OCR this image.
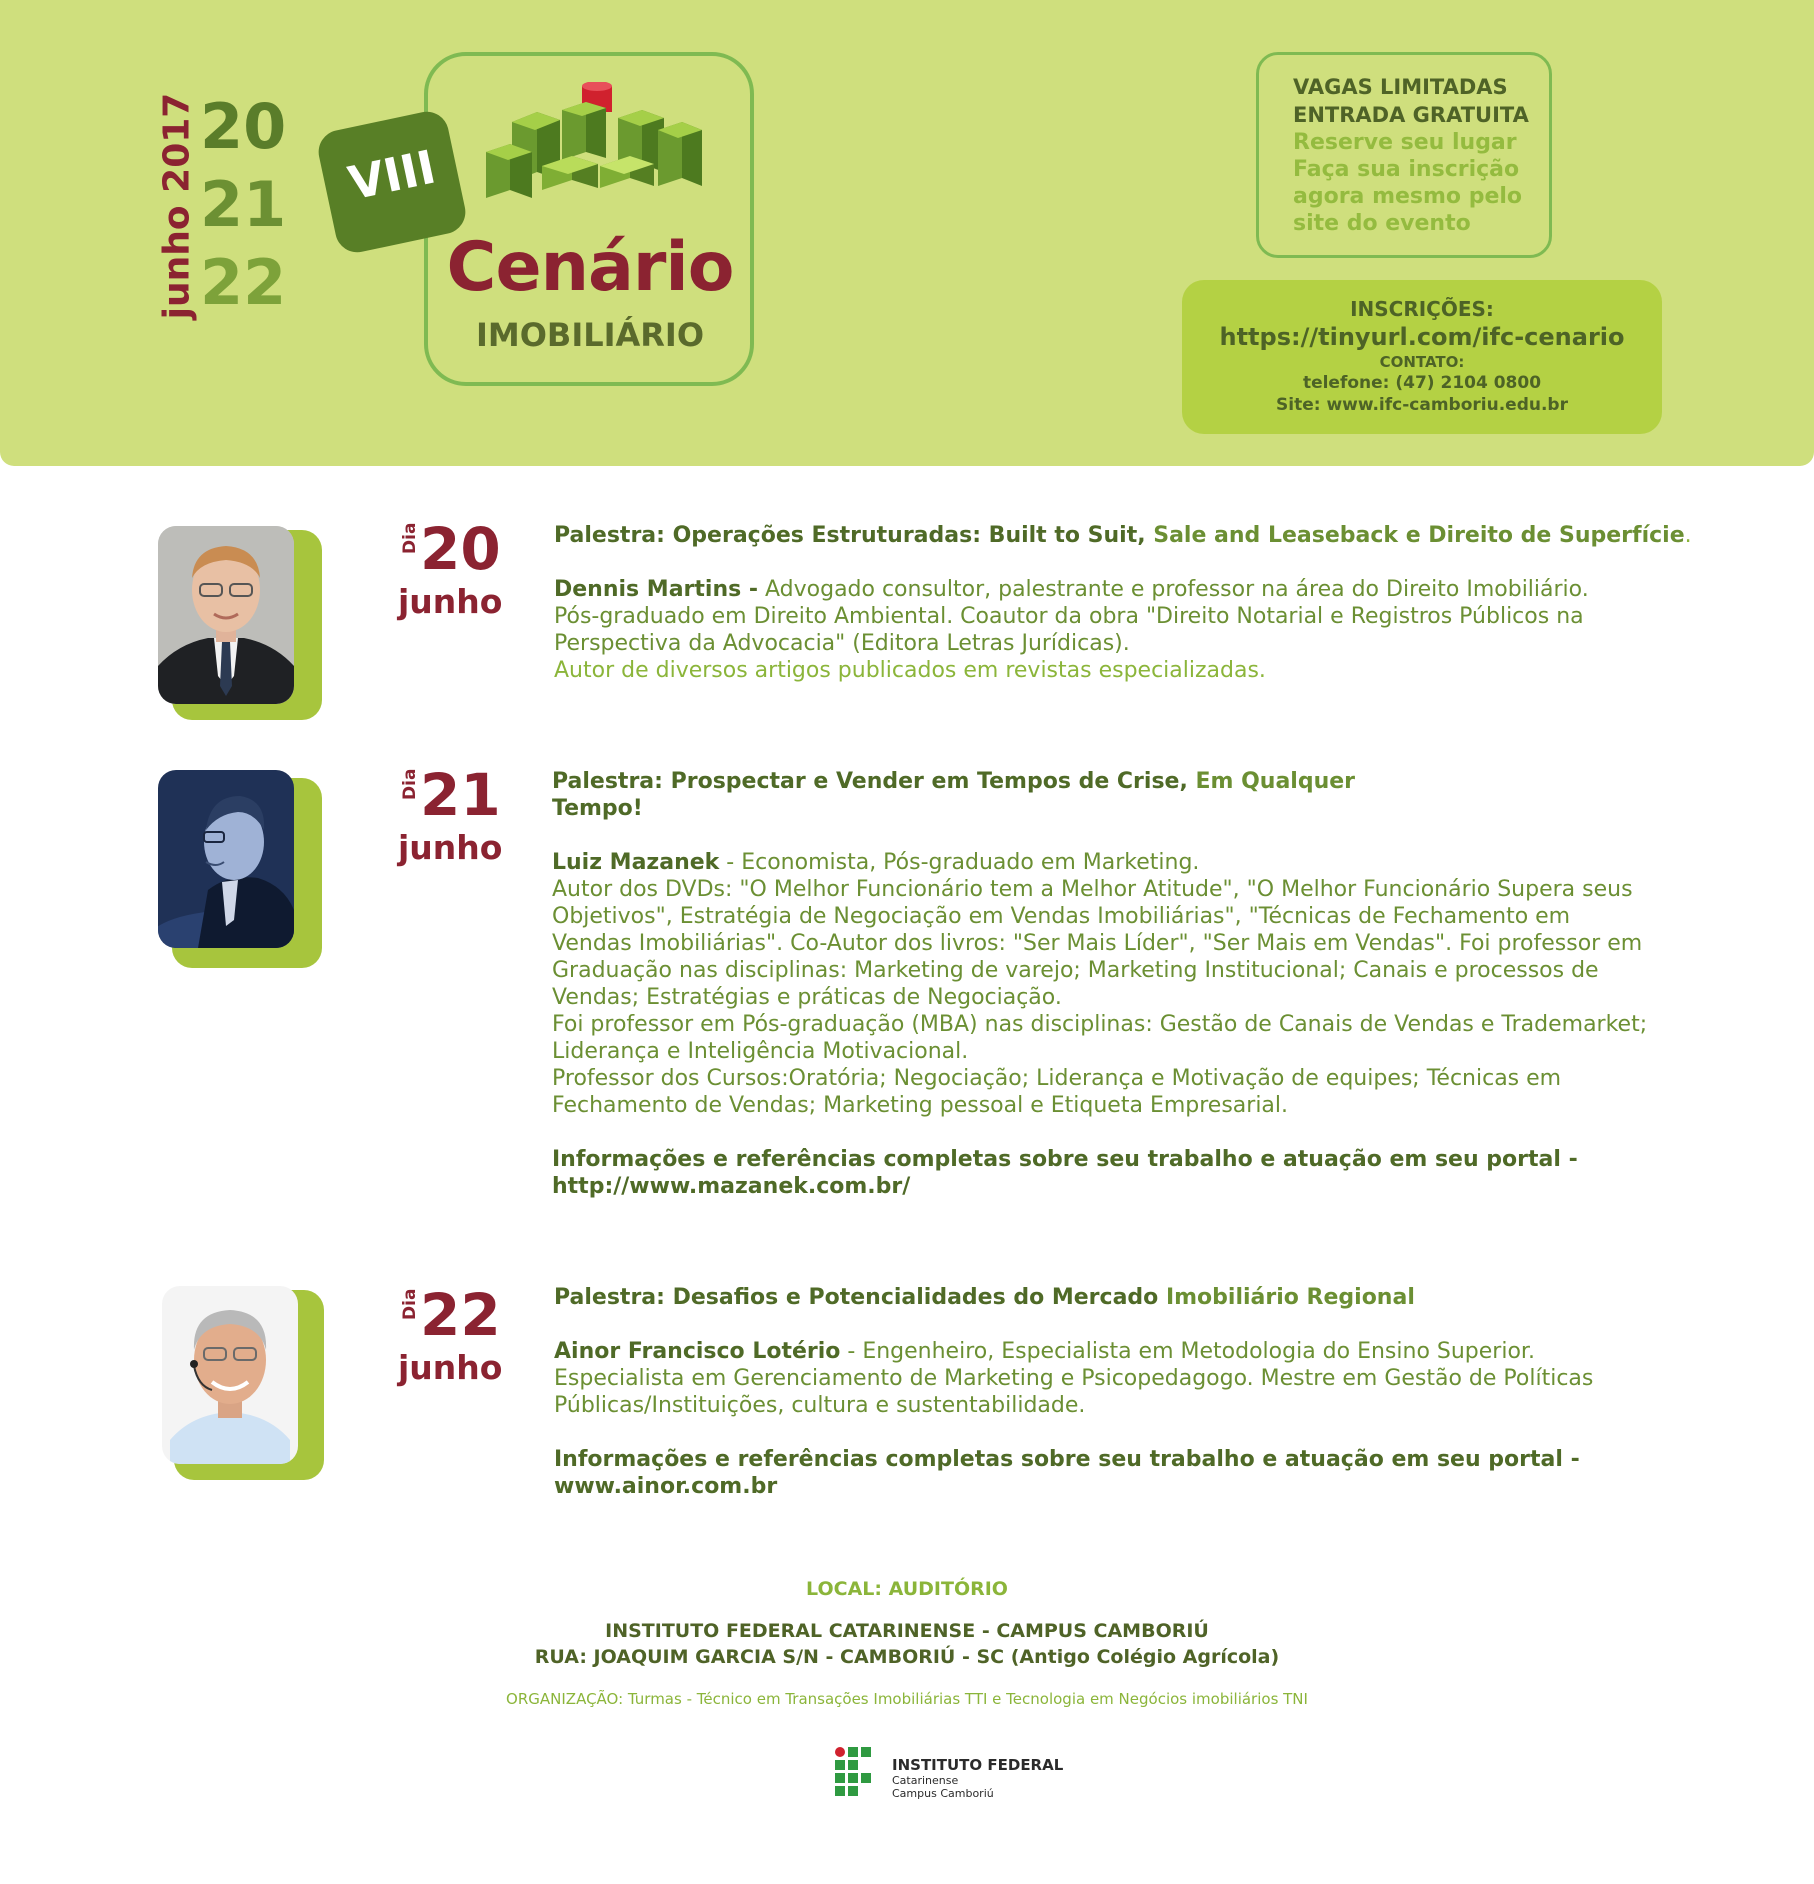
junho 2017 20
21
22
VIII
Cenário
IMOBILIÁRIO
VAGAS LIMITADAS
ENTRADA GRATUITA
Reserve seu lugar
Faça sua inscrição
agora mesmo pelo
site do evento
INSCRIÇÕES:
https://tinyurl.com/ifc-cenario
CONTATO:
telefone: (47) 2104 0800
Site: www.ifc-camboriu.edu.br
Dia 20
junho

Palestra: Operações Estruturadas: Built to Suit, Sale and Leaseback e Direito de Superfície.

Dennis Martins - Advogado consultor, palestrante e professor na área do Direito Imobiliário.

Pós-graduado em Direito Ambiental. Coautor da obra "Direito Notarial e Registros Públicos na

Perspectiva da Advocacia" (Editora Letras Jurídicas).

Autor de diversos artigos publicados em revistas especializadas.

Dia 21
junho

Palestra: Prospectar e Vender em Tempos de Crise, Em Qualquer

Tempo!

Luiz Mazanek - Economista, Pós-graduado em Marketing.

Autor dos DVDs: "O Melhor Funcionário tem a Melhor Atitude", "O Melhor Funcionário Supera seus

Objetivos", Estratégia de Negociação em Vendas Imobiliárias", "Técnicas de Fechamento em

Vendas Imobiliárias". Co-Autor dos livros: "Ser Mais Líder", "Ser Mais em Vendas". Foi professor em

Graduação nas disciplinas: Marketing de varejo; Marketing Institucional; Canais e processos de

Vendas; Estratégias e práticas de Negociação.

Foi professor em Pós-graduação (MBA) nas disciplinas: Gestão de Canais de Vendas e Trademarket;

Liderança e Inteligência Motivacional.

Professor dos Cursos:Oratória; Negociação; Liderança e Motivação de equipes; Técnicas em

Fechamento de Vendas; Marketing pessoal e Etiqueta Empresarial.

Informações e referências completas sobre seu trabalho e atuação em seu portal -

http://www.mazanek.com.br/

Dia 22
junho

Palestra: Desafios e Potencialidades do Mercado Imobiliário Regional

Ainor Francisco Lotério - Engenheiro, Especialista em Metodologia do Ensino Superior.

Especialista em Gerenciamento de Marketing e Psicopedagogo. Mestre em Gestão de Políticas

Públicas/Instituições, cultura e sustentabilidade.

Informações e referências completas sobre seu trabalho e atuação em seu portal -

www.ainor.com.br

LOCAL: AUDITÓRIO
INSTITUTO FEDERAL CATARINENSE - CAMPUS CAMBORIÚ
RUA: JOAQUIM GARCIA S/N - CAMBORIÚ - SC (Antigo Colégio Agrícola)
ORGANIZAÇÃO: Turmas - Técnico em Transações Imobiliárias TTI e Tecnologia em Negócios imobiliários TNI
INSTITUTO FEDERAL
Catarinense
Campus Camboriú
